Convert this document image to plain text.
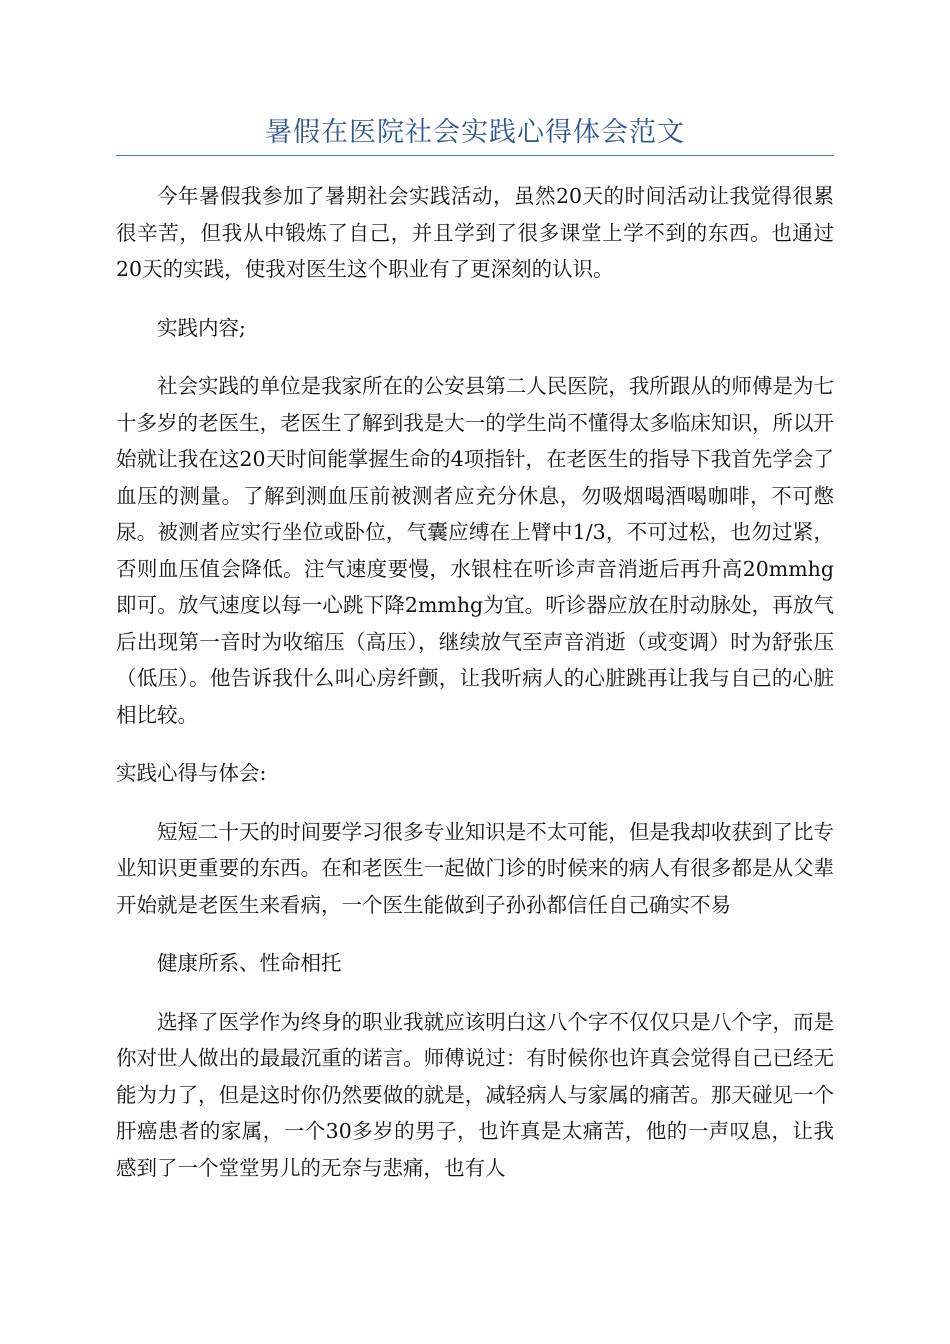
暑假在医院社会实践心得体会范文

今年暑假我参加了暑期社会实践活动，虽然20天的时间活动让我觉得很累很辛苦，但我从中锻炼了自己，并且学到了很多课堂上学不到的东西。也通过20天的实践，使我对医生这个职业有了更深刻的认识。

实践内容;

社会实践的单位是我家所在的公安县第二人民医院，我所跟从的师傅是为七十多岁的老医生，老医生了解到我是大一的学生尚不懂得太多临床知识，所以开始就让我在这20天时间能掌握生命的4项指针，在老医生的指导下我首先学会了血压的测量。了解到测血压前被测者应充分休息，勿吸烟喝酒喝咖啡，不可憋尿。被测者应实行坐位或卧位，气囊应缚在上臂中1/3，不可过松，也勿过紧，否则血压值会降低。注气速度要慢，水银柱在听诊声音消逝后再升高20mmhg即可。放气速度以每一心跳下降2mmhg为宜。听诊器应放在肘动脉处，再放气后出现第一音时为收缩压（高压），继续放气至声音消逝（或变调）时为舒张压（低压）。他告诉我什么叫心房纤颤，让我听病人的心脏跳再让我与自己的心脏相比较。

实践心得与体会:

短短二十天的时间要学习很多专业知识是不太可能，但是我却收获到了比专业知识更重要的东西。在和老医生一起做门诊的时候来的病人有很多都是从父辈开始就是老医生来看病，一个医生能做到子孙孙都信任自己确实不易

健康所系、性命相托

选择了医学作为终身的职业我就应该明白这八个字不仅仅只是八个字，而是你对世人做出的最最沉重的诺言。师傅说过：有时候你也许真会觉得自己已经无能为力了，但是这时你仍然要做的就是，减轻病人与家属的痛苦。那天碰见一个肝癌患者的家属，一个30多岁的男子，也许真是太痛苦，他的一声叹息，让我感到了一个堂堂男儿的无奈与悲痛，也有人
